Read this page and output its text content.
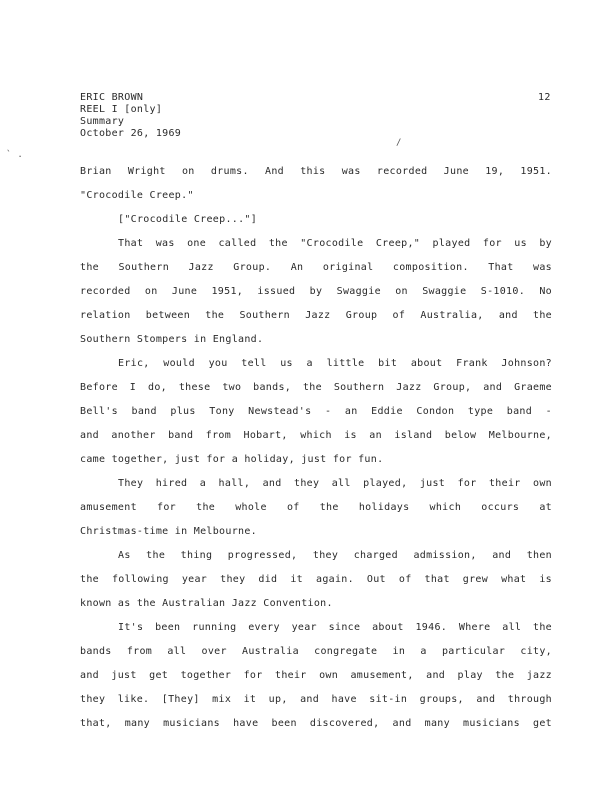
ERIC BROWN
REEL I [only]
Summary
October 26, 1969
12
` .
/
Brian Wright on drums. And this was recorded June 19, 1951.
"Crocodile Creep."
["Crocodile Creep..."]
That was one called the "Crocodile Creep," played for us by
the Southern Jazz Group. An original composition. That was
recorded on June 1951, issued by Swaggie on Swaggie S-1010. No
relation between the Southern Jazz Group of Australia, and the
Southern Stompers in England.
Eric, would you tell us a little bit about Frank Johnson?
Before I do, these two bands, the Southern Jazz Group, and Graeme
Bell's band plus Tony Newstead's - an Eddie Condon type band -
and another band from Hobart, which is an island below Melbourne,
came together, just for a holiday, just for fun.
They hired a hall, and they all played, just for their own
amusement for the whole of the holidays which occurs at
Christmas-time in Melbourne.
As the thing progressed, they charged admission, and then
the following year they did it again. Out of that grew what is
known as the Australian Jazz Convention.
It's been running every year since about 1946. Where all the
bands from all over Australia congregate in a particular city,
and just get together for their own amusement, and play the jazz
they like. [They] mix it up, and have sit-in groups, and through
that, many musicians have been discovered, and many musicians get
